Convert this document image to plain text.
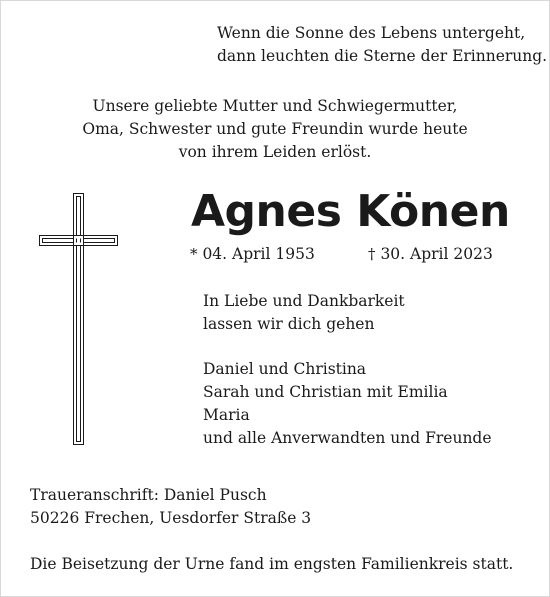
Wenn die Sonne des Lebens untergeht,
dann leuchten die Sterne der Erinnerung.
Unsere geliebte Mutter und Schwiegermutter,
Oma, Schwester und gute Freundin wurde heute
von ihrem Leiden erlöst.
Agnes Könen
* 04. April 1953	† 30. April 2023
In Liebe und Dankbarkeit
lassen wir dich gehen
Daniel und Christina
Sarah und Christian mit Emilia
Maria
und alle Anverwandten und Freunde
Traueranschrift: Daniel Pusch
50226 Frechen, Uesdorfer Straße 3
Die Beisetzung der Urne fand im engsten Familienkreis statt.
